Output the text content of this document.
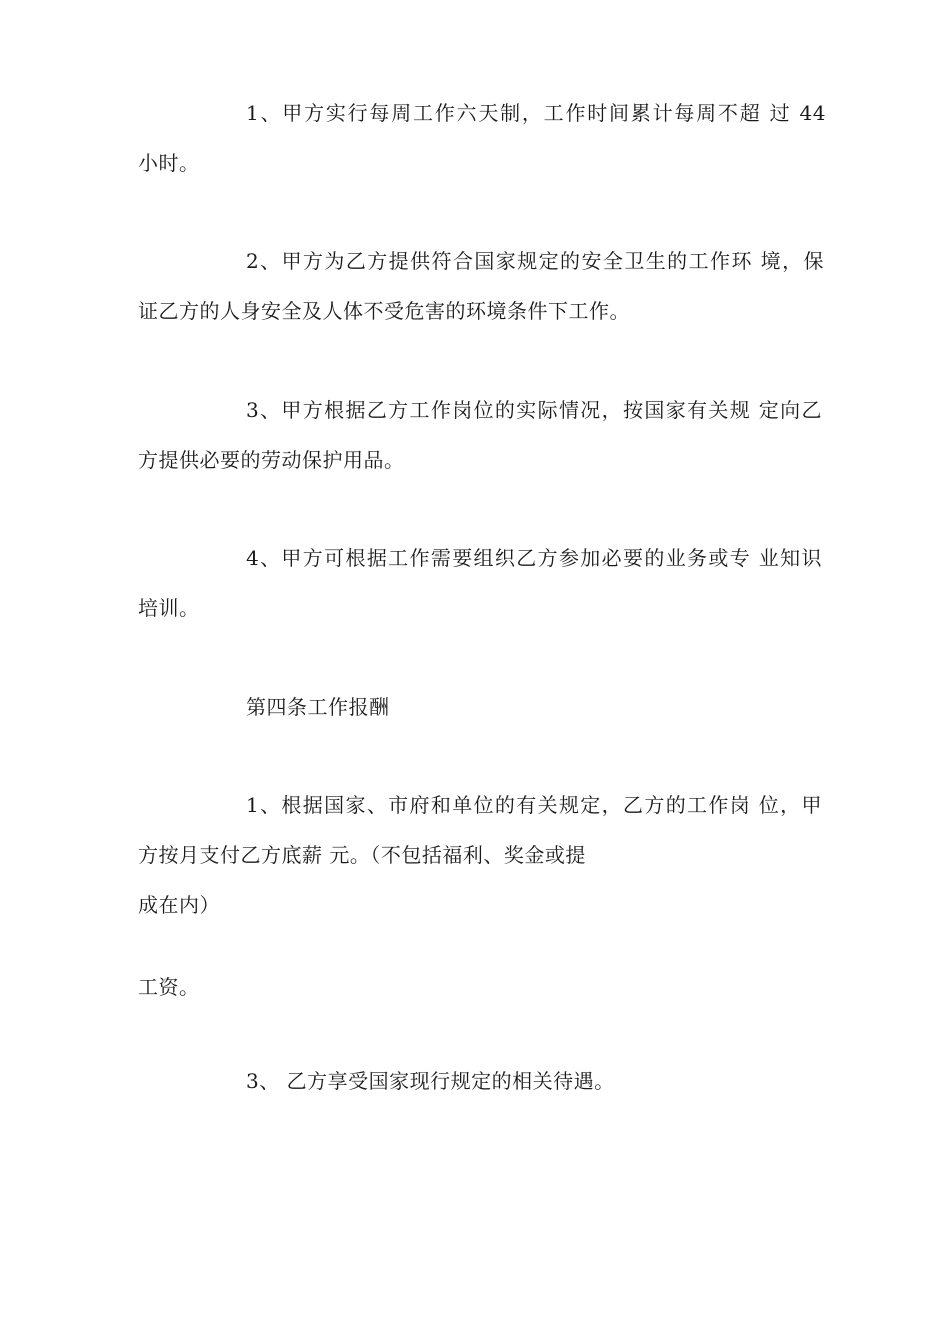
1、甲方实行每周工作六天制，工作时间累计每周不超 过 44
小时。
2、甲方为乙方提供符合国家规定的安全卫生的工作环 境，保
证乙方的人身安全及人体不受危害的环境条件下工作。
3、甲方根据乙方工作岗位的实际情况，按国家有关规 定向乙
方提供必要的劳动保护用品。
4、甲方可根据工作需要组织乙方参加必要的业务或专 业知识
培训。
第四条工作报酬
1、根据国家、市府和单位的有关规定，乙方的工作岗 位，甲
方按月支付乙方底薪 元。（不包括福利、奖金或提
成在内）
工资。
3、 乙方享受国家现行规定的相关待遇。
